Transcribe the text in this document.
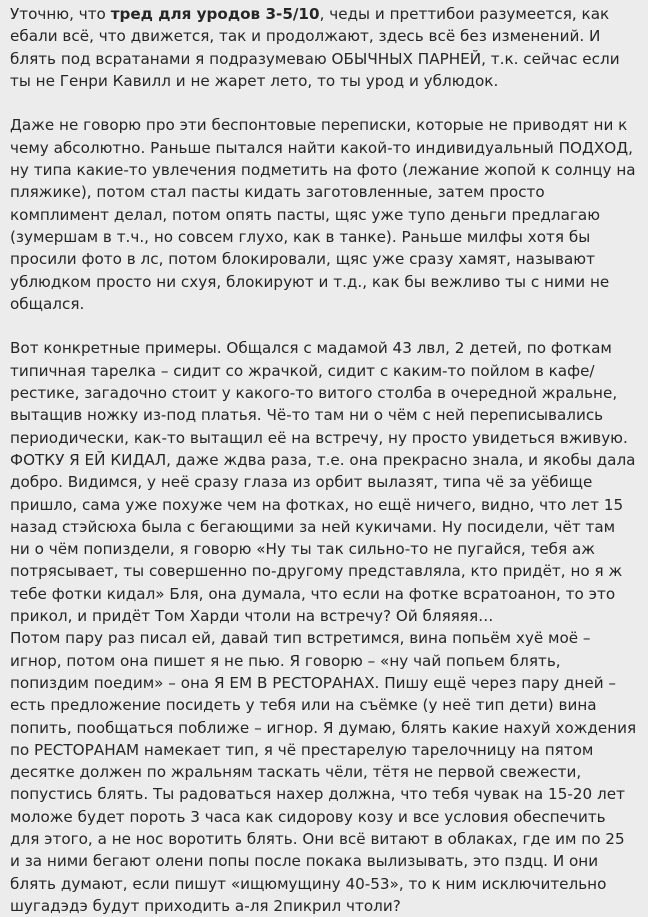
Уточню, что тред для уродов 3-5/10, чеды и преттибои разумеется, как ебали всё, что движется, так и продолжают, здесь всё без изменений. И блять под всратанами я подразумеваю ОБЫЧНЫХ ПАРНЕЙ, т.к. сейчас если ты не Генри Кавилл и не жарет лето, то ты урод и ублюдок.

Даже не говорю про эти беспонтовые переписки, которые не приводят ни к чему абсолютно. Раньше пытался найти какой-то индивидуальный ПОДХОД, ну типа какие-то увлечения подметить на фото (лежание жопой к солнцу на пляжике), потом стал пасты кидать заготовленные, затем просто комплимент делал, потом опять пасты, щяс уже тупо деньги предлагаю (зумершам в т.ч., но совсем глухо, как в танке). Раньше милфы хотя бы просили фото в лс, потом блокировали, щяс уже сразу хамят, называют ублюдком просто ни схуя, блокируют и т.д., как бы вежливо ты с ними не общался.

Вот конкретные примеры. Общался с мадамой 43 лвл, 2 детей, по фоткам типичная тарелка – сидит со жрачкой, сидит с каким-то пойлом в кафе/рестике, загадочно стоит у какого-то витого столба в очередной жральне, вытащив ножку из-под платья. Чё-то там ни о чём с ней переписывались периодически, как-то вытащил её на встречу, ну просто увидеться вживую. ФОТКУ Я ЕЙ КИДАЛ, даже ждва раза, т.е. она прекрасно знала, и якобы дала добро. Видимся, у неё сразу глаза из орбит вылазят, типа чё за уёбище пришло, сама уже похуже чем на фотках, но ещё ничего, видно, что лет 15 назад стэйсюха была с бегающими за ней кукичами. Ну посидели, чёт там ни о чём попиздели, я говорю «Ну ты так сильно-то не пугайся, тебя аж потрясывает, ты совершенно по-другому представляла, кто придёт, но я ж тебе фотки кидал» Бля, она думала, что если на фотке всратоанон, то это прикол, и придёт Том Харди чтоли на встречу? Ой бляяяя…

Потом пару раз писал ей, давай тип встретимся, вина попьём хуё моё – игнор, потом она пишет я не пью. Я говорю – «ну чай попьем блять, попиздим поедим» – она Я ЕМ В РЕСТОРАНАХ. Пишу ещё через пару дней – есть предложение посидеть у тебя или на съёмке (у неё тип дети) вина попить, пообщаться поближе – игнор. Я думаю, блять какие нахуй хождения по РЕСТОРАНАМ намекает тип, я чё престарелую тарелочницу на пятом десятке должен по жральням таскать чёли, тётя не первой свежести, попустись блять. Ты радоваться нахер должна, что тебя чувак на 15-20 лет моложе будет пороть 3 часа как сидорову козу и все условия обеспечить для этого, а не нос воротить блять. Они всё витают в облаках, где им по 25 и за ними бегают олени попы после покака вылизывать, это пздц. И они блять думают, если пишут «ищюмущину 40-53», то к ним исключительно шугадэдэ будут приходить а-ля 2пикрил чтоли?
